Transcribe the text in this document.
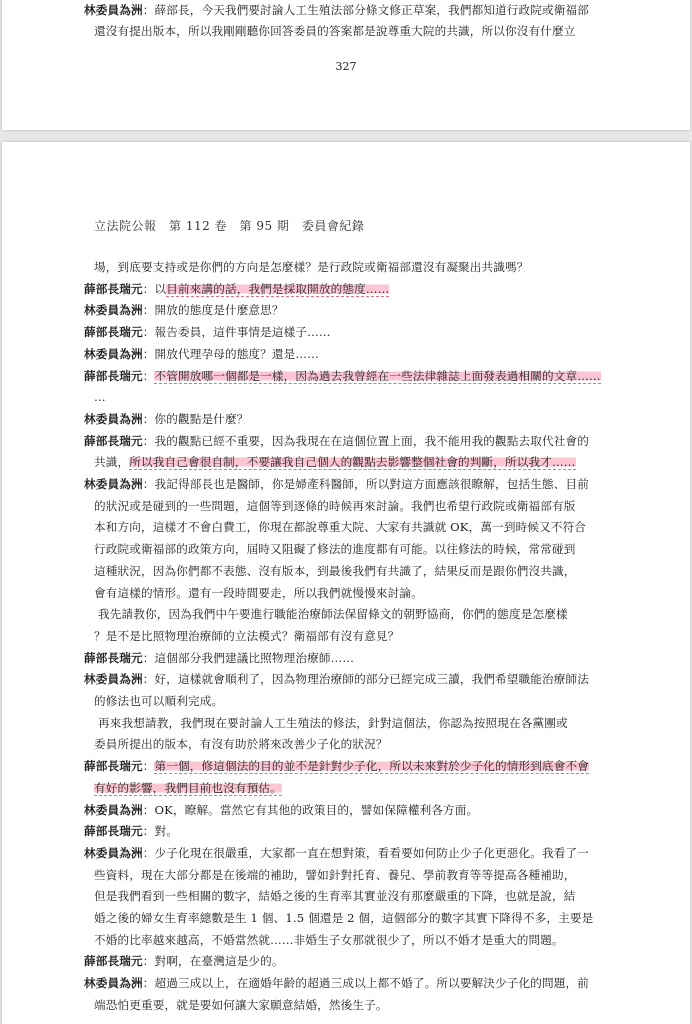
林委員為洲：薛部長，今天我們要討論人工生殖法部分條文修正草案，我們都知道行政院或衛福部
還沒有提出版本，所以我剛剛聽你回答委員的答案都是說尊重大院的共識，所以你沒有什麼立
327
立法院公報　第 112 卷　第 95 期　委員會紀錄
場，到底要支持或是你們的方向是怎麼樣？是行政院或衛福部還沒有凝聚出共識嗎？
薛部長瑞元：以目前來講的話，我們是採取開放的態度……
林委員為洲：開放的態度是什麼意思？
薛部長瑞元：報告委員，這件事情是這樣子……
林委員為洲：開放代理孕母的態度？還是……
薛部長瑞元：不管開放哪一個都是一樣，因為過去我曾經在一些法律雜誌上面發表過相關的文章……
…
林委員為洲：你的觀點是什麼？
薛部長瑞元：我的觀點已經不重要，因為我現在在這個位置上面，我不能用我的觀點去取代社會的
共識，所以我自己會很自制，不要讓我自己個人的觀點去影響整個社會的判斷，所以我才……
林委員為洲：我記得部長也是醫師，你是婦產科醫師，所以對這方面應該很瞭解，包括生態、目前
的狀況或是碰到的一些問題，這個等到逐條的時候再來討論。我們也希望行政院或衛福部有版
本和方向，這樣才不會白費工，你現在都說尊重大院、大家有共識就 OK，萬一到時候又不符合
行政院或衛福部的政策方向，屆時又阻礙了修法的進度都有可能。以往修法的時候，常常碰到
這種狀況，因為你們都不表態、沒有版本，到最後我們有共識了，結果反而是跟你們沒共識，
會有這樣的情形。還有一段時間要走，所以我們就慢慢來討論。
我先請教你，因為我們中午要進行職能治療師法保留條文的朝野協商，你們的態度是怎麼樣
？是不是比照物理治療師的立法模式？衛福部有沒有意見？
薛部長瑞元：這個部分我們建議比照物理治療師……
林委員為洲：好，這樣就會順利了，因為物理治療師的部分已經完成三讀，我們希望職能治療師法
的修法也可以順利完成。
再來我想請教，我們現在要討論人工生殖法的修法，針對這個法，你認為按照現在各黨團或
委員所提出的版本，有沒有助於將來改善少子化的狀況？
薛部長瑞元：第一個，修這個法的目的並不是針對少子化，所以未來對於少子化的情形到底會不會
有好的影響，我們目前也沒有預估。
林委員為洲：OK，瞭解。當然它有其他的政策目的，譬如保障權利各方面。
薛部長瑞元：對。
林委員為洲：少子化現在很嚴重，大家都一直在想對策，看看要如何防止少子化更惡化。我看了一
些資料，現在大部分都是在後端的補助，譬如針對托育、養兒、學前教育等等提高各種補助，
但是我們看到一些相關的數字，結婚之後的生育率其實並沒有那麼嚴重的下降，也就是說，結
婚之後的婦女生育率總數是生 1 個、1.5 個還是 2 個，這個部分的數字其實下降得不多，主要是
不婚的比率越來越高，不婚當然就……非婚生子女那就很少了，所以不婚才是重大的問題。
薛部長瑞元：對啊，在臺灣這是少的。
林委員為洲：超過三成以上，在適婚年齡的超過三成以上都不婚了。所以要解決少子化的問題，前
端恐怕更重要，就是要如何讓大家願意結婚，然後生子。
